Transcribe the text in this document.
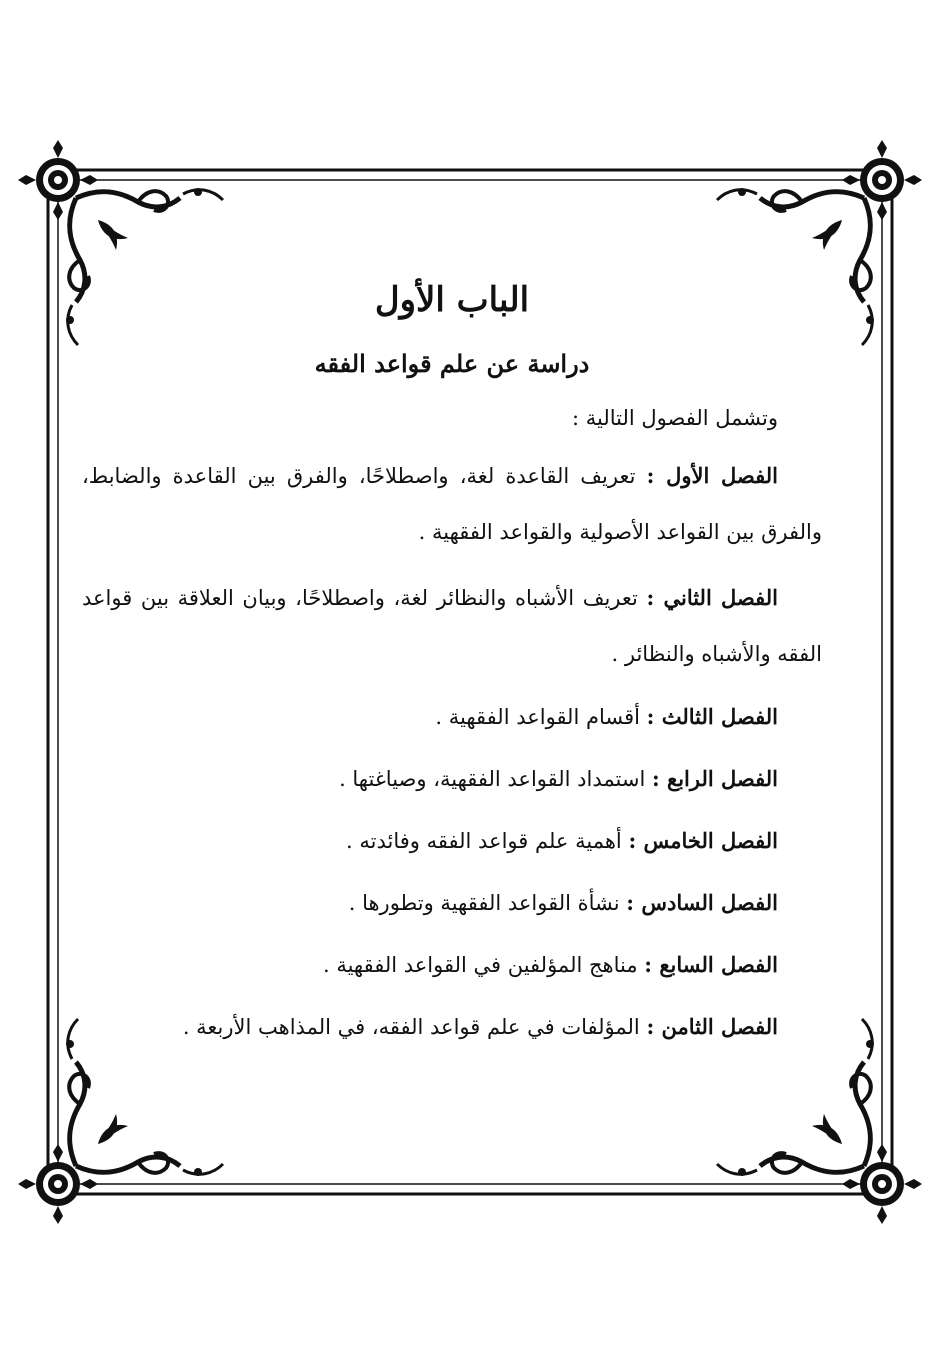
الباب الأول
دراسة عن علم قواعد الفقه

وتشمل الفصول التالية :

الفصل الأول : تعريف القاعدة لغة، واصطلاحًا، والفرق بين القاعدة والضابط، والفرق بين القواعد الأصولية والقواعد الفقهية .

الفصل الثاني : تعريف الأشباه والنظائر لغة، واصطلاحًا، وبيان العلاقة بين قواعد الفقه والأشباه والنظائر .

الفصل الثالث : أقسام القواعد الفقهية .

الفصل الرابع : استمداد القواعد الفقهية، وصياغتها .

الفصل الخامس : أهمية علم قواعد الفقه وفائدته .

الفصل السادس : نشأة القواعد الفقهية وتطورها .

الفصل السابع : مناهج المؤلفين في القواعد الفقهية .

الفصل الثامن : المؤلفات في علم قواعد الفقه، في المذاهب الأربعة .
